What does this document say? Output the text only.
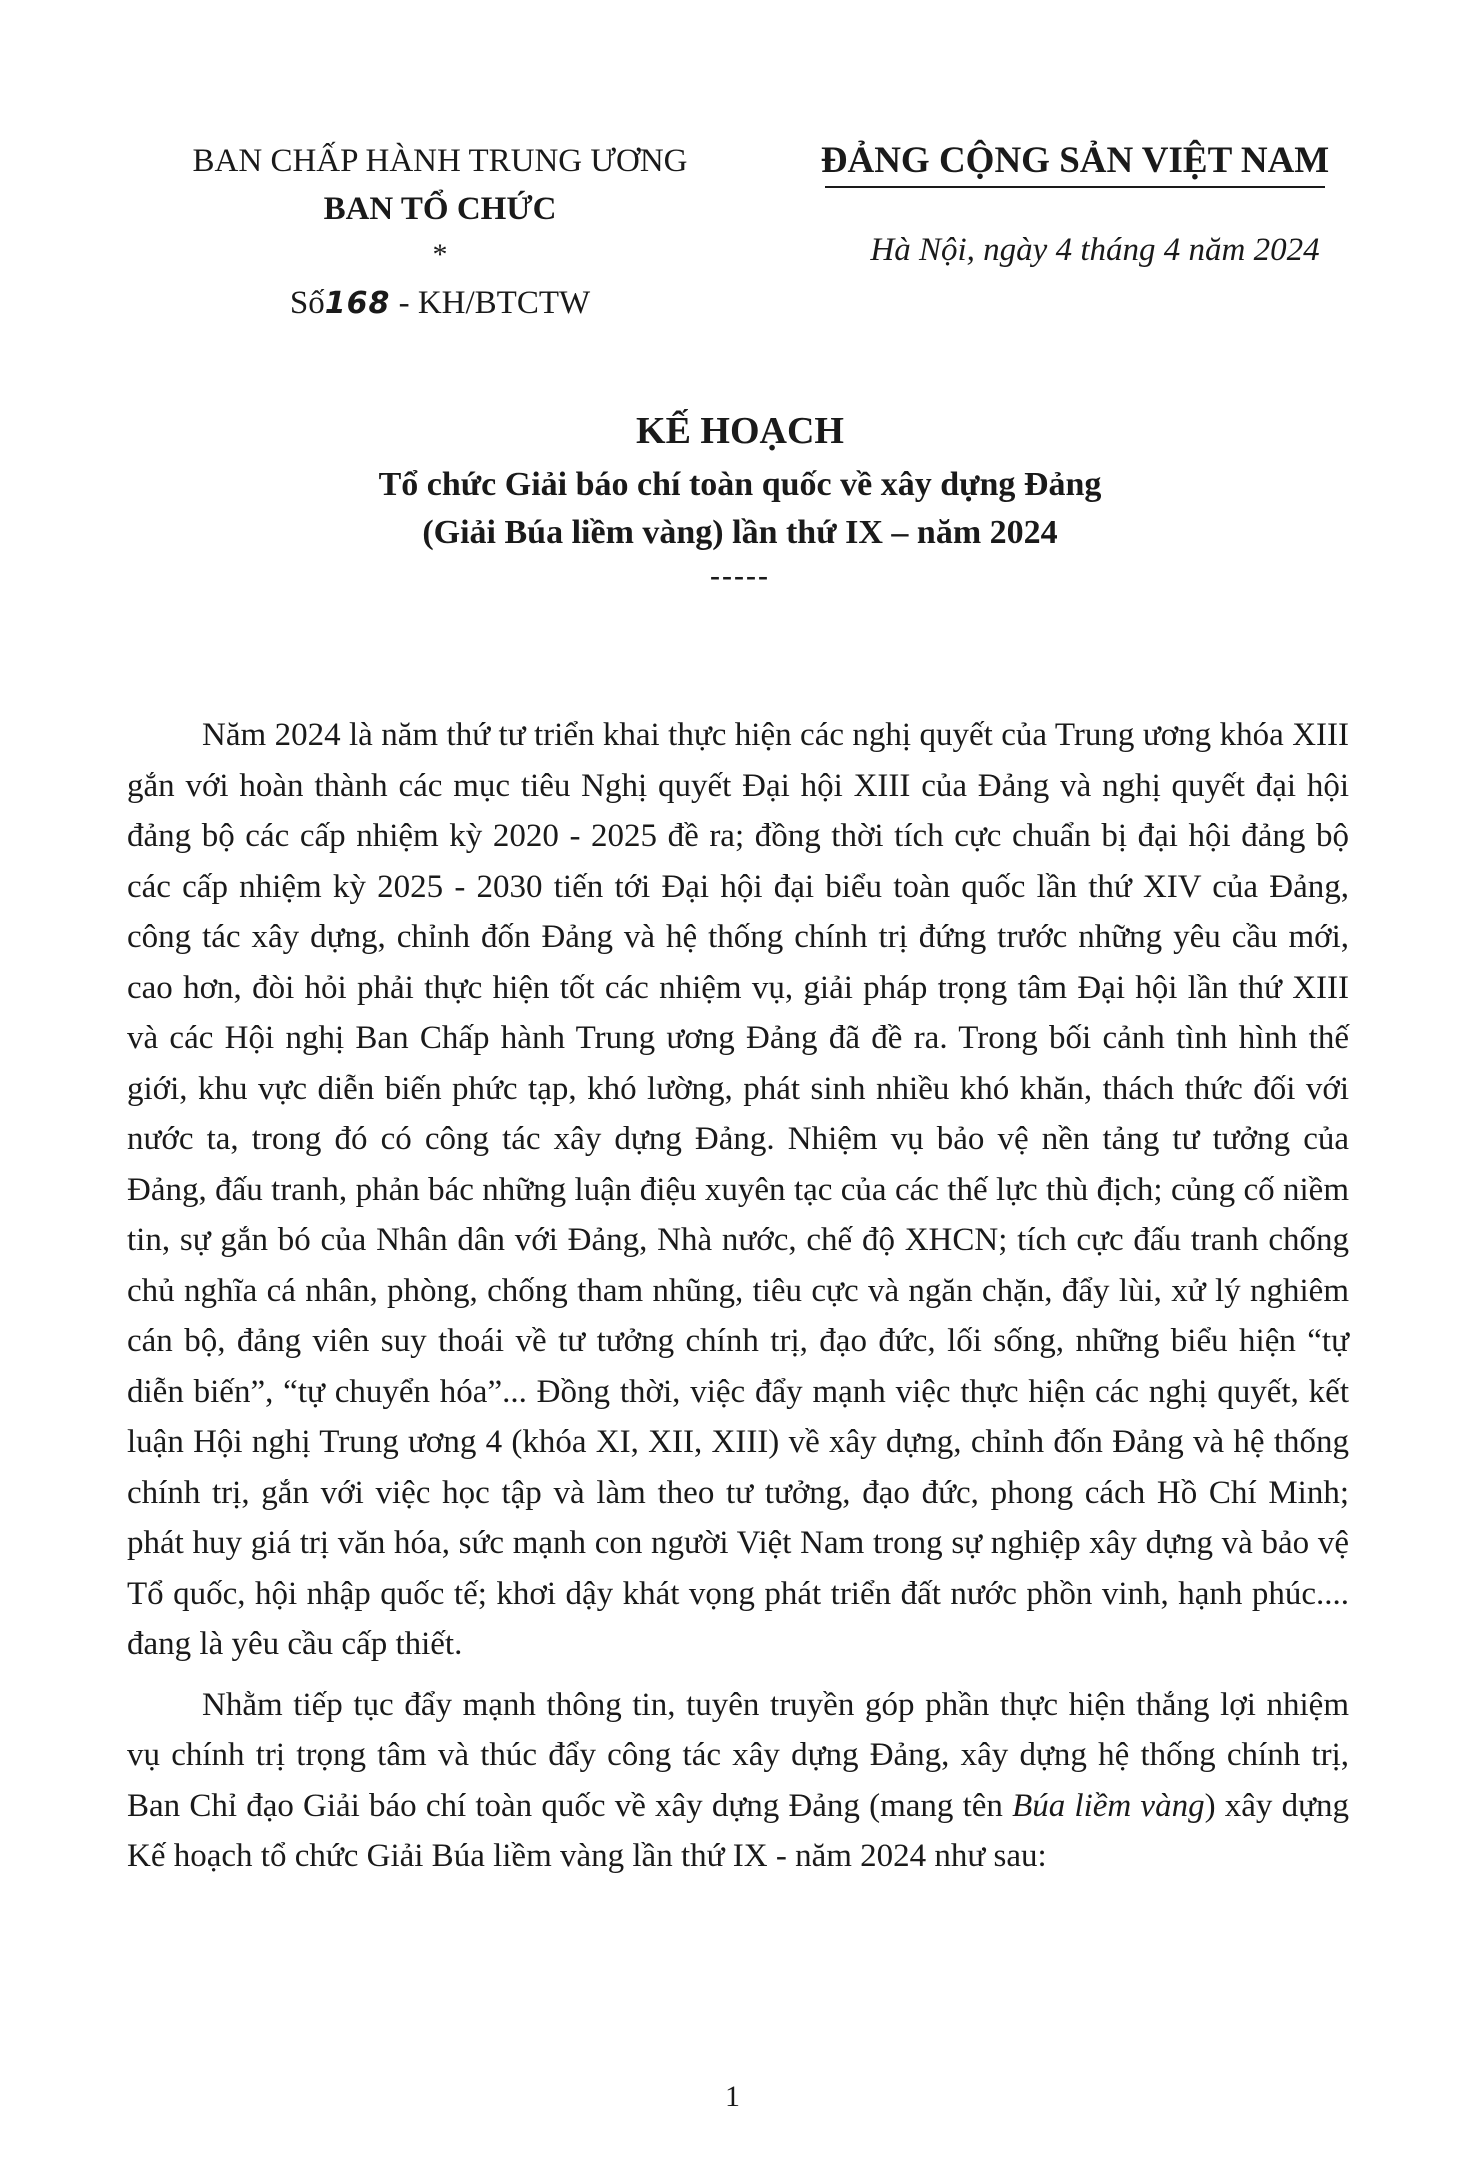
BAN CHẤP HÀNH TRUNG ƯƠNG
BAN TỔ CHỨC
*
Số168 - KH/BTCTW
ĐẢNG CỘNG SẢN VIỆT NAM
Hà Nội, ngày 4 tháng 4 năm 2024
KẾ HOẠCH
Tổ chức Giải báo chí toàn quốc về xây dựng Đảng
(Giải Búa liềm vàng) lần thứ IX – năm 2024
-----

Năm 2024 là năm thứ tư triển khai thực hiện các nghị quyết của Trung ương khóa XIII gắn với hoàn thành các mục tiêu Nghị quyết Đại hội XIII của Đảng và nghị quyết đại hội đảng bộ các cấp nhiệm kỳ 2020 - 2025 đề ra; đồng thời tích cực chuẩn bị đại hội đảng bộ các cấp nhiệm kỳ 2025 - 2030 tiến tới Đại hội đại biểu toàn quốc lần thứ XIV của Đảng, công tác xây dựng, chỉnh đốn Đảng và hệ thống chính trị đứng trước những yêu cầu mới, cao hơn, đòi hỏi phải thực hiện tốt các nhiệm vụ, giải pháp trọng tâm Đại hội lần thứ XIII và các Hội nghị Ban Chấp hành Trung ương Đảng đã đề ra. Trong bối cảnh tình hình thế giới, khu vực diễn biến phức tạp, khó lường, phát sinh nhiều khó khăn, thách thức đối với nước ta, trong đó có công tác xây dựng Đảng. Nhiệm vụ bảo vệ nền tảng tư tưởng của Đảng, đấu tranh, phản bác những luận điệu xuyên tạc của các thế lực thù địch; củng cố niềm tin, sự gắn bó của Nhân dân với Đảng, Nhà nước, chế độ XHCN; tích cực đấu tranh chống chủ nghĩa cá nhân, phòng, chống tham nhũng, tiêu cực và ngăn chặn, đẩy lùi, xử lý nghiêm cán bộ, đảng viên suy thoái về tư tưởng chính trị, đạo đức, lối sống, những biểu hiện “tự diễn biến”, “tự chuyển hóa”... Đồng thời, việc đẩy mạnh việc thực hiện các nghị quyết, kết luận Hội nghị Trung ương 4 (khóa XI, XII, XIII) về xây dựng, chỉnh đốn Đảng và hệ thống chính trị, gắn với việc học tập và làm theo tư tưởng, đạo đức, phong cách Hồ Chí Minh; phát huy giá trị văn hóa, sức mạnh con người Việt Nam trong sự nghiệp xây dựng và bảo vệ Tổ quốc, hội nhập quốc tế; khơi dậy khát vọng phát triển đất nước phồn vinh, hạnh phúc.... đang là yêu cầu cấp thiết.

Nhằm tiếp tục đẩy mạnh thông tin, tuyên truyền góp phần thực hiện thắng lợi nhiệm vụ chính trị trọng tâm và thúc đẩy công tác xây dựng Đảng, xây dựng hệ thống chính trị, Ban Chỉ đạo Giải báo chí toàn quốc về xây dựng Đảng (mang tên Búa liềm vàng) xây dựng Kế hoạch tổ chức Giải Búa liềm vàng lần thứ IX - năm 2024 như sau:

1
